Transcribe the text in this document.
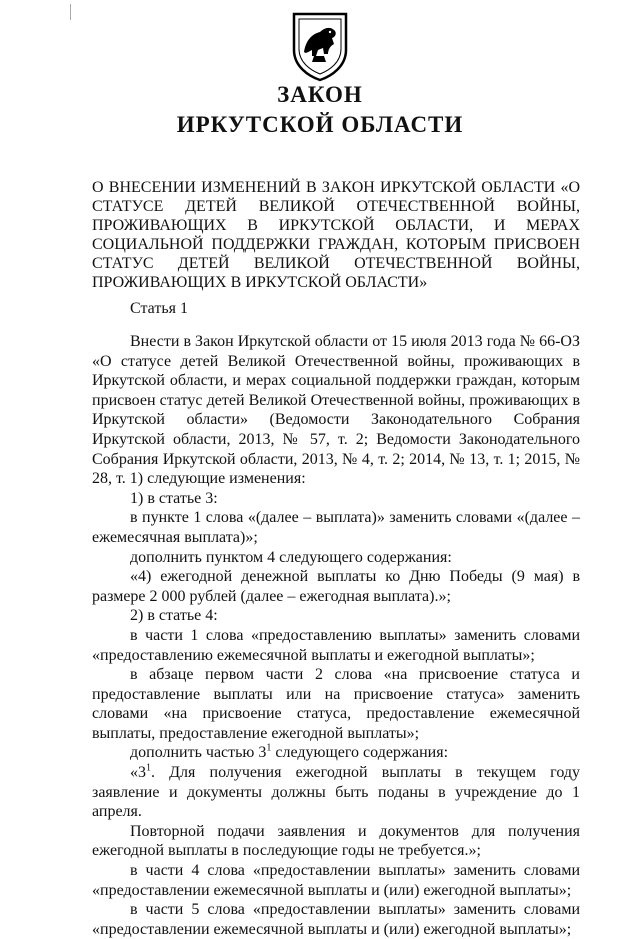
ЗАКОН
ИРКУТСКОЙ ОБЛАСТИ
О ВНЕСЕНИИ ИЗМЕНЕНИЙ В ЗАКОН ИРКУТСКОЙ ОБЛАСТИ «О СТАТУСЕ ДЕТЕЙ ВЕЛИКОЙ ОТЕЧЕСТВЕННОЙ ВОЙНЫ, ПРОЖИВАЮЩИХ В ИРКУТСКОЙ ОБЛАСТИ, И МЕРАХ СОЦИАЛЬНОЙ ПОДДЕРЖКИ ГРАЖДАН, КОТОРЫМ ПРИСВОЕН СТАТУС ДЕТЕЙ ВЕЛИКОЙ ОТЕЧЕСТВЕННОЙ ВОЙНЫ, ПРОЖИВАЮЩИХ В ИРКУТСКОЙ ОБЛАСТИ»
Статья 1

Внести в Закон Иркутской области от 15 июля 2013 года № 66-ОЗ «О статусе детей Великой Отечественной войны, проживающих в Иркутской области, и мерах социальной поддержки граждан, которым присвоен статус детей Великой Отечественной войны, проживающих в Иркутской области» (Ведомости Законодательного Собрания Иркутской области, 2013, № 57, т. 2; Ведомости Законодательного Собрания Иркутской области, 2013, № 4, т. 2; 2014, № 13, т. 1; 2015, № 28, т. 1) следующие изменения:

1) в статье 3:

в пункте 1 слова «(далее – выплата)» заменить словами «(далее – ежемесячная выплата)»;

дополнить пунктом 4 следующего содержания:

«4) ежегодной денежной выплаты ко Дню Победы (9 мая) в размере 2 000 рублей (далее – ежегодная выплата).»;

2) в статье 4:

в части 1 слова «предоставлению выплаты» заменить словами «предоставлению ежемесячной выплаты и ежегодной выплаты»;

в абзаце первом части 2 слова «на присвоение статуса и предоставление выплаты или на присвоение статуса» заменить словами «на присвоение статуса, предоставление ежемесячной выплаты, предоставление ежегодной выплаты»;

дополнить частью $3^1$ следующего содержания:

«$3^1$. Для получения ежегодной выплаты в текущем году заявление и документы должны быть поданы в учреждение до 1 апреля.

Повторной подачи заявления и документов для получения ежегодной выплаты в последующие годы не требуется.»;

в части 4 слова «предоставлении выплаты» заменить словами «предоставлении ежемесячной выплаты и (или) ежегодной выплаты»;

в части 5 слова «предоставлении выплаты» заменить словами «предоставлении ежемесячной выплаты и (или) ежегодной выплаты»;
